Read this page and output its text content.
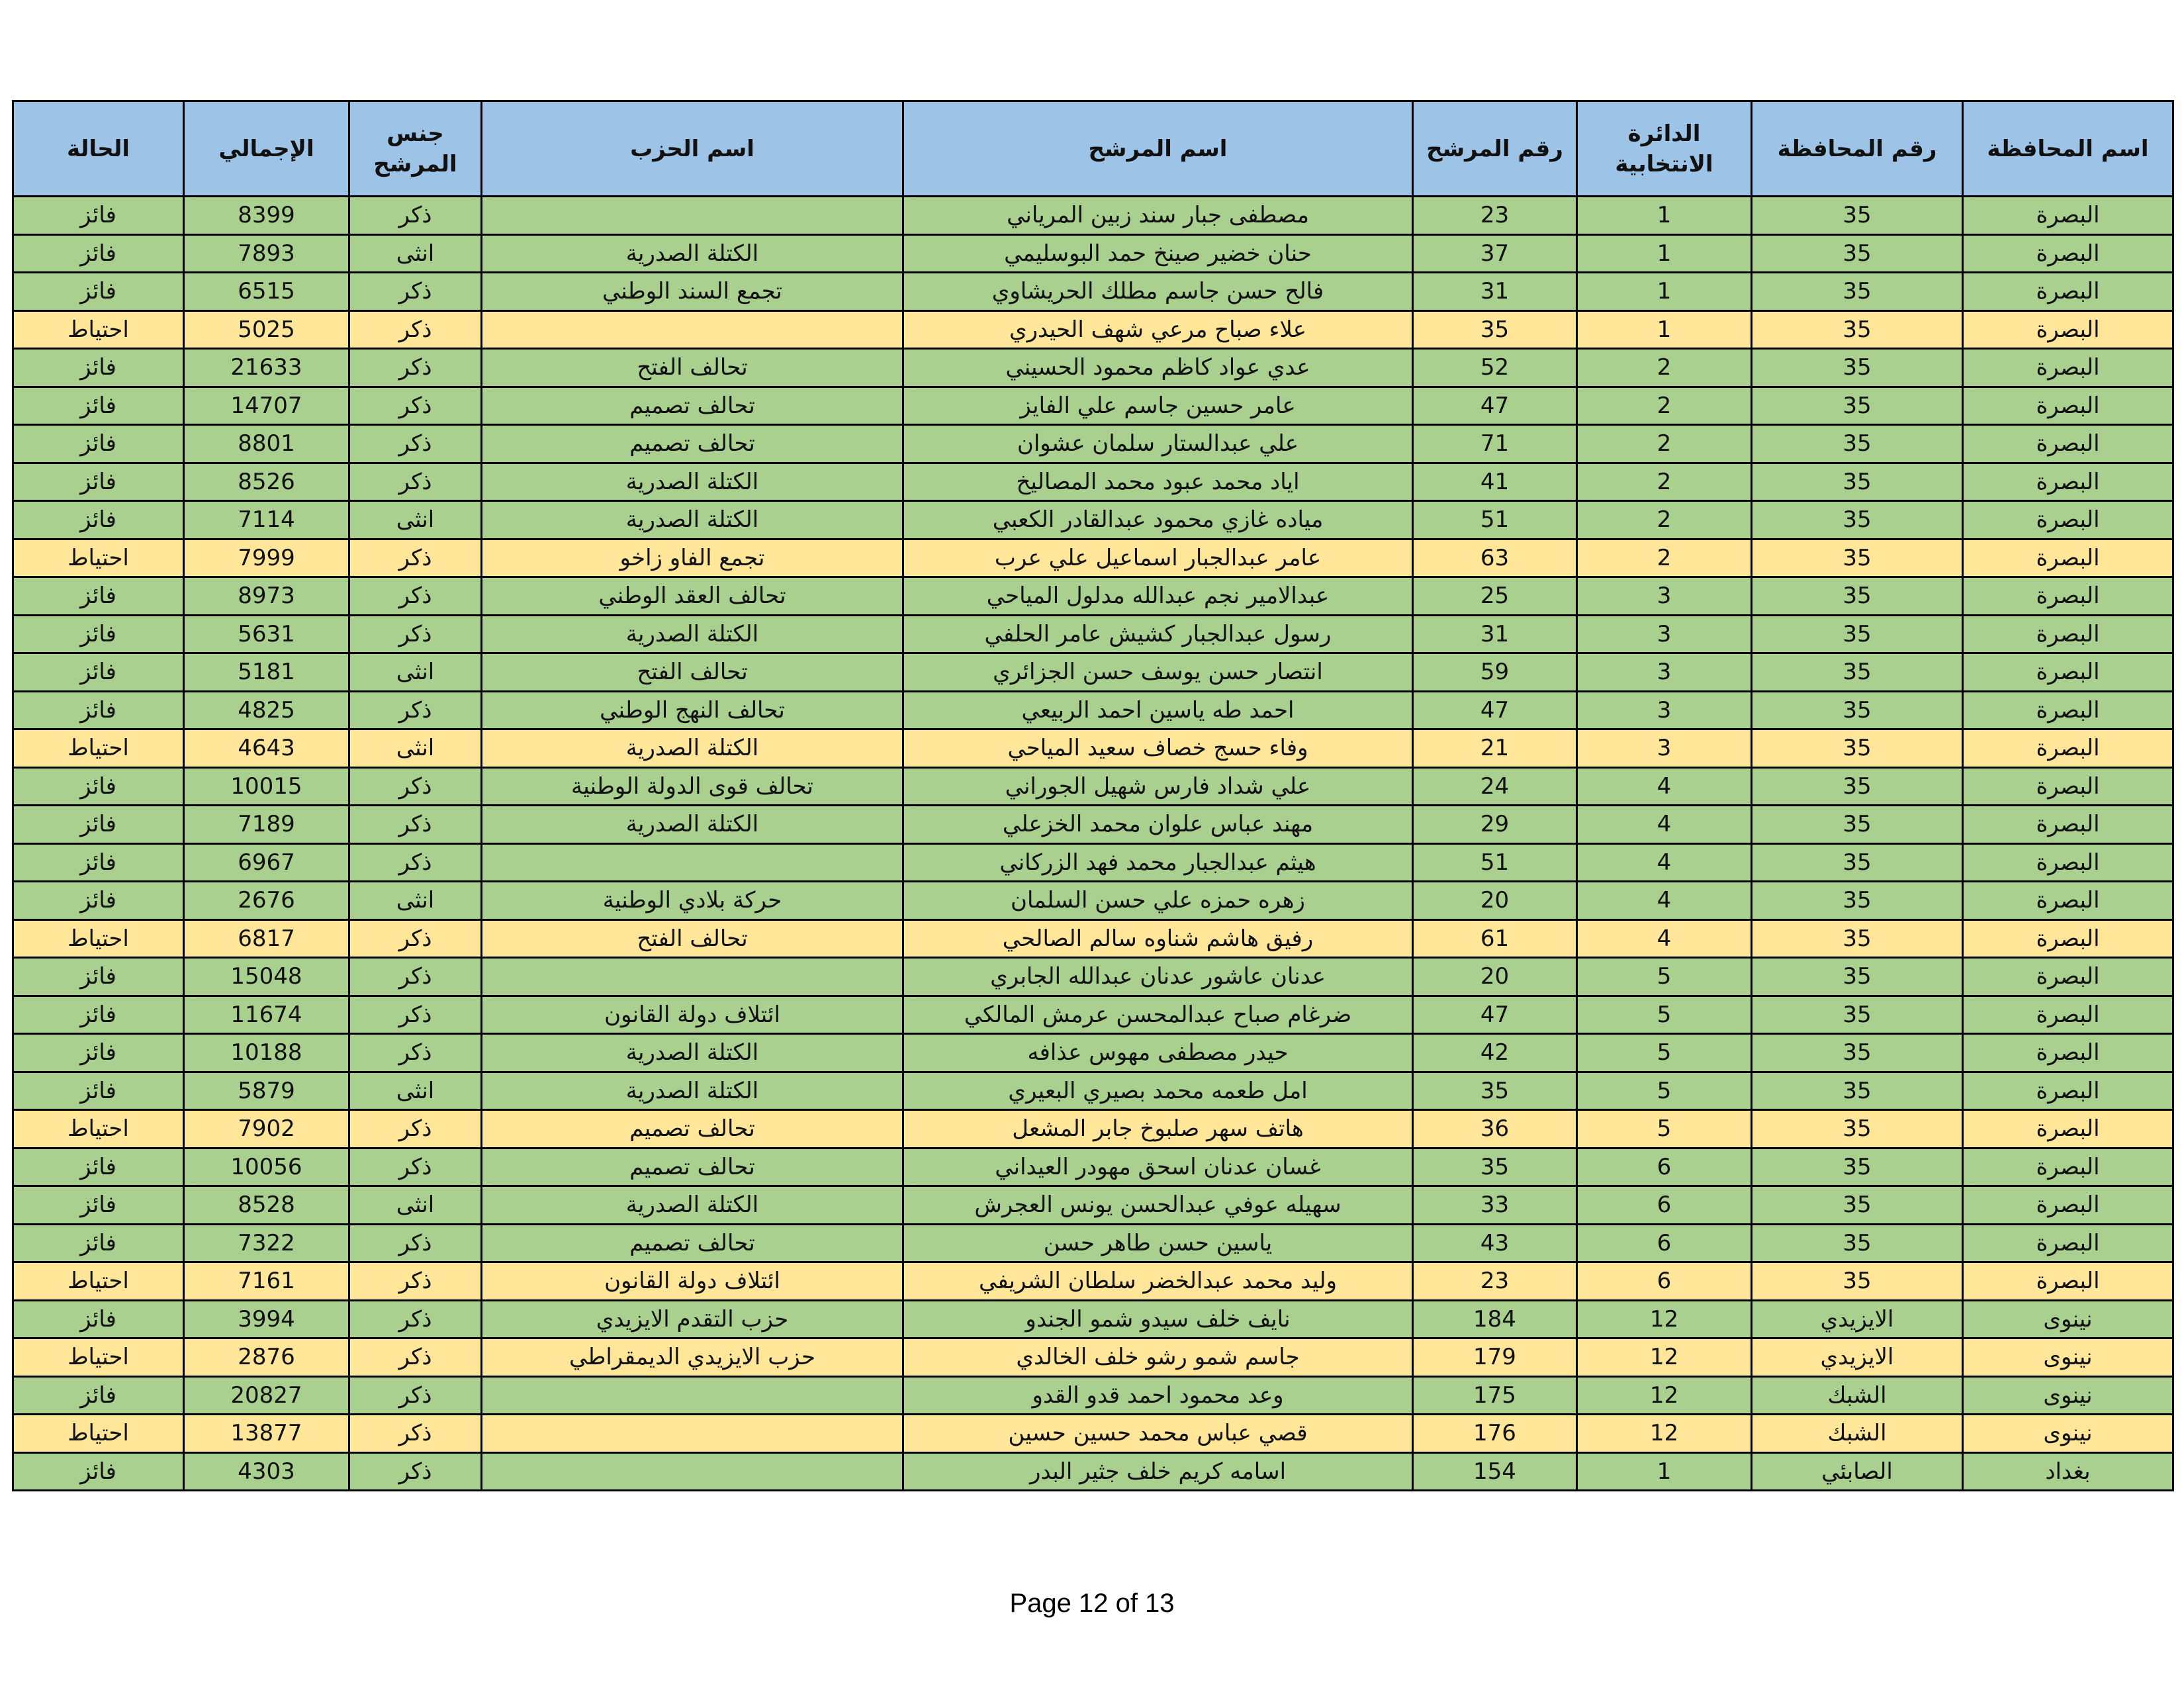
اسم المحافظة	رقم المحافظة	الدائرة الانتخابية	رقم المرشح	اسم المرشح	اسم الحزب	جنس المرشح	الإجمالي	الحالة
البصرة	35	1	23	مصطفى جبار سند زبين المرياني		ذكر	8399	فائز
البصرة	35	1	37	حنان خضير صينخ حمد البوسليمي	الكتلة الصدرية	انثى	7893	فائز
البصرة	35	1	31	فالح حسن جاسم مطلك الحريشاوي	تجمع السند الوطني	ذكر	6515	فائز
البصرة	35	1	35	علاء صباح مرعي شهف الحيدري		ذكر	5025	احتياط
البصرة	35	2	52	عدي عواد كاظم محمود الحسيني	تحالف الفتح	ذكر	21633	فائز
البصرة	35	2	47	عامر حسين جاسم علي الفايز	تحالف تصميم	ذكر	14707	فائز
البصرة	35	2	71	علي عبدالستار سلمان عشوان	تحالف تصميم	ذكر	8801	فائز
البصرة	35	2	41	اياد محمد عبود محمد المصاليخ	الكتلة الصدرية	ذكر	8526	فائز
البصرة	35	2	51	مياده غازي محمود عبدالقادر الكعبي	الكتلة الصدرية	انثى	7114	فائز
البصرة	35	2	63	عامر عبدالجبار اسماعيل علي عرب	تجمع الفاو زاخو	ذكر	7999	احتياط
البصرة	35	3	25	عبدالامير نجم عبدالله مدلول المياحي	تحالف العقد الوطني	ذكر	8973	فائز
البصرة	35	3	31	رسول عبدالجبار كشيش عامر الحلفي	الكتلة الصدرية	ذكر	5631	فائز
البصرة	35	3	59	انتصار حسن يوسف حسن الجزائري	تحالف الفتح	انثى	5181	فائز
البصرة	35	3	47	احمد طه ياسين احمد الربيعي	تحالف النهج الوطني	ذكر	4825	فائز
البصرة	35	3	21	وفاء حسج خصاف سعيد المياحي	الكتلة الصدرية	انثى	4643	احتياط
البصرة	35	4	24	علي شداد فارس شهيل الجوراني	تحالف قوى الدولة الوطنية	ذكر	10015	فائز
البصرة	35	4	29	مهند عباس علوان محمد الخزعلي	الكتلة الصدرية	ذكر	7189	فائز
البصرة	35	4	51	هيثم عبدالجبار محمد فهد الزركاني		ذكر	6967	فائز
البصرة	35	4	20	زهره حمزه علي حسن السلمان	حركة بلادي الوطنية	انثى	2676	فائز
البصرة	35	4	61	رفيق هاشم شناوه سالم الصالحي	تحالف الفتح	ذكر	6817	احتياط
البصرة	35	5	20	عدنان عاشور عدنان عبدالله الجابري		ذكر	15048	فائز
البصرة	35	5	47	ضرغام صباح عبدالمحسن عرمش المالكي	ائتلاف دولة القانون	ذكر	11674	فائز
البصرة	35	5	42	حيدر مصطفى مهوس عذافه	الكتلة الصدرية	ذكر	10188	فائز
البصرة	35	5	35	امل طعمه محمد بصيري البعيري	الكتلة الصدرية	انثى	5879	فائز
البصرة	35	5	36	هاتف سهر صلبوخ جابر المشعل	تحالف تصميم	ذكر	7902	احتياط
البصرة	35	6	35	غسان عدنان اسحق مهودر العيداني	تحالف تصميم	ذكر	10056	فائز
البصرة	35	6	33	سهيله عوفي عبدالحسن يونس العجرش	الكتلة الصدرية	انثى	8528	فائز
البصرة	35	6	43	ياسين حسن طاهر حسن	تحالف تصميم	ذكر	7322	فائز
البصرة	35	6	23	وليد محمد عبدالخضر سلطان الشريفي	ائتلاف دولة القانون	ذكر	7161	احتياط
نينوى	الايزيدي	12	184	نايف خلف سيدو شمو الجندو	حزب التقدم الايزيدي	ذكر	3994	فائز
نينوى	الايزيدي	12	179	جاسم شمو رشو خلف الخالدي	حزب الايزيدي الديمقراطي	ذكر	2876	احتياط
نينوى	الشبك	12	175	وعد محمود احمد قدو القدو		ذكر	20827	فائز
نينوى	الشبك	12	176	قصي عباس محمد حسين حسين		ذكر	13877	احتياط
بغداد	الصابئي	1	154	اسامه كريم خلف جثير البدر		ذكر	4303	فائز
Page 12 of 13
